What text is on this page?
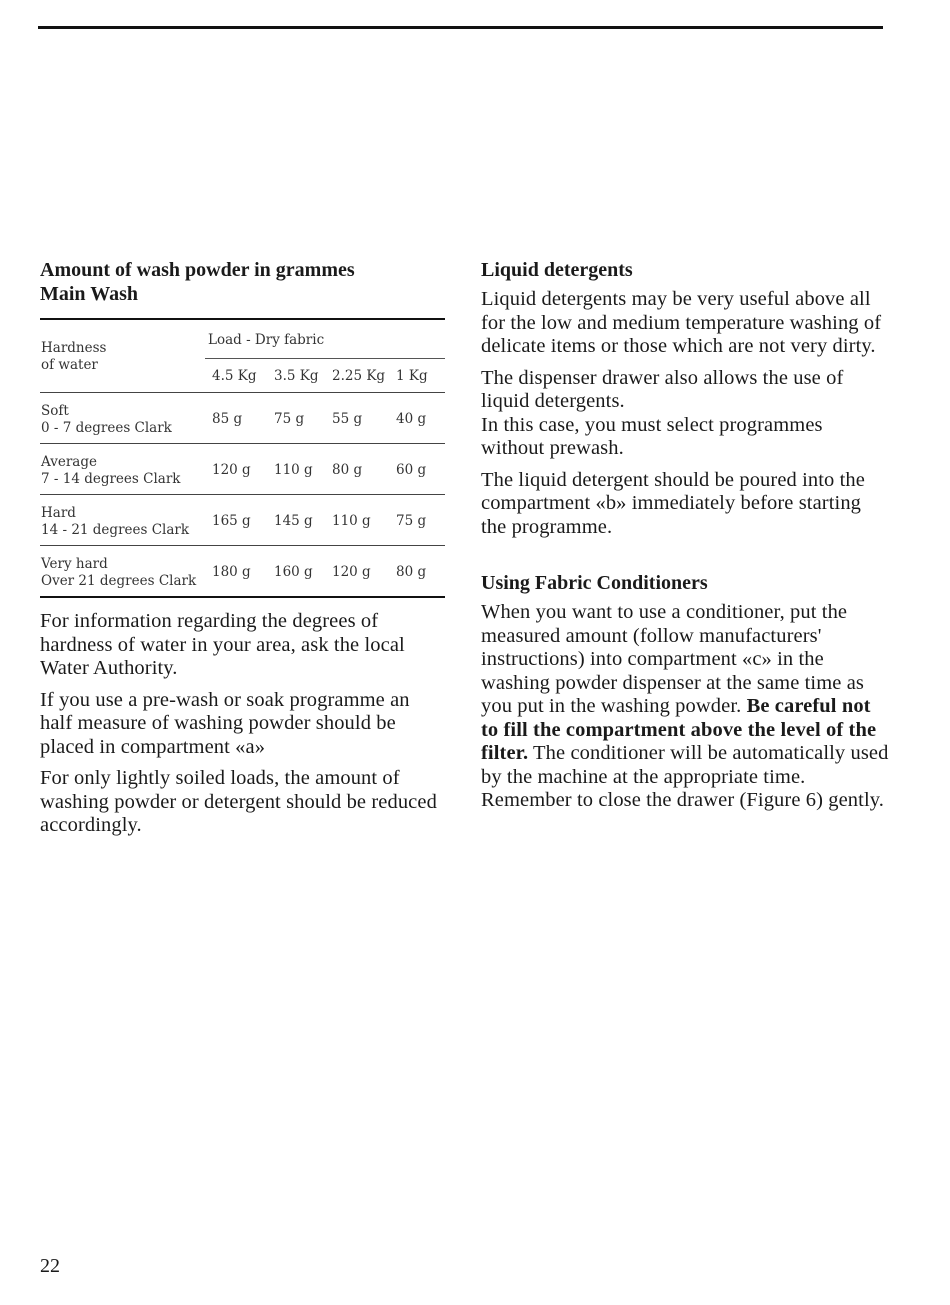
Amount of wash powder in grammes
Main Wash
Hardness
of water
Load - Dry fabric
4.5 Kg 3.5 Kg 2.25 Kg 1 Kg
Soft
0 - 7 degrees Clark
85 g 75 g 55 g	40 g
Average
7 - 14 degrees Clark
120 g 110 g 80 g	60 g
Hard
14 - 21 degrees Clark
165 g 145 g 110 g 75 g
Very hard
Over 21 degrees Clark
180 g 160 g 120 g 80 g

For information regarding the degrees of hardness of water in your area, ask the local Water Authority.

If you use a pre-wash or soak programme an half measure of washing powder should be placed in compartment «a»

For only lightly soiled loads, the amount of washing powder or detergent should be reduced accordingly.

Liquid detergents

Liquid detergents may be very useful above all for the low and medium temperature washing of delicate items or those which are not very dirty.

The dispenser drawer also allows the use of liquid detergents.
In this case, you must select programmes without prewash.

The liquid detergent should be poured into the compartment «b» immediately before starting the programme.

Using Fabric Conditioners

When you want to use a conditioner, put the measured amount (follow manufacturers' instructions) into compartment «c» in the washing powder dispenser at the same time as you put in the washing powder. Be careful not to fill the compartment above the level of the filter. The conditioner will be automatically used by the machine at the appropriate time. Remember to close the drawer (Figure 6) gently.

22
